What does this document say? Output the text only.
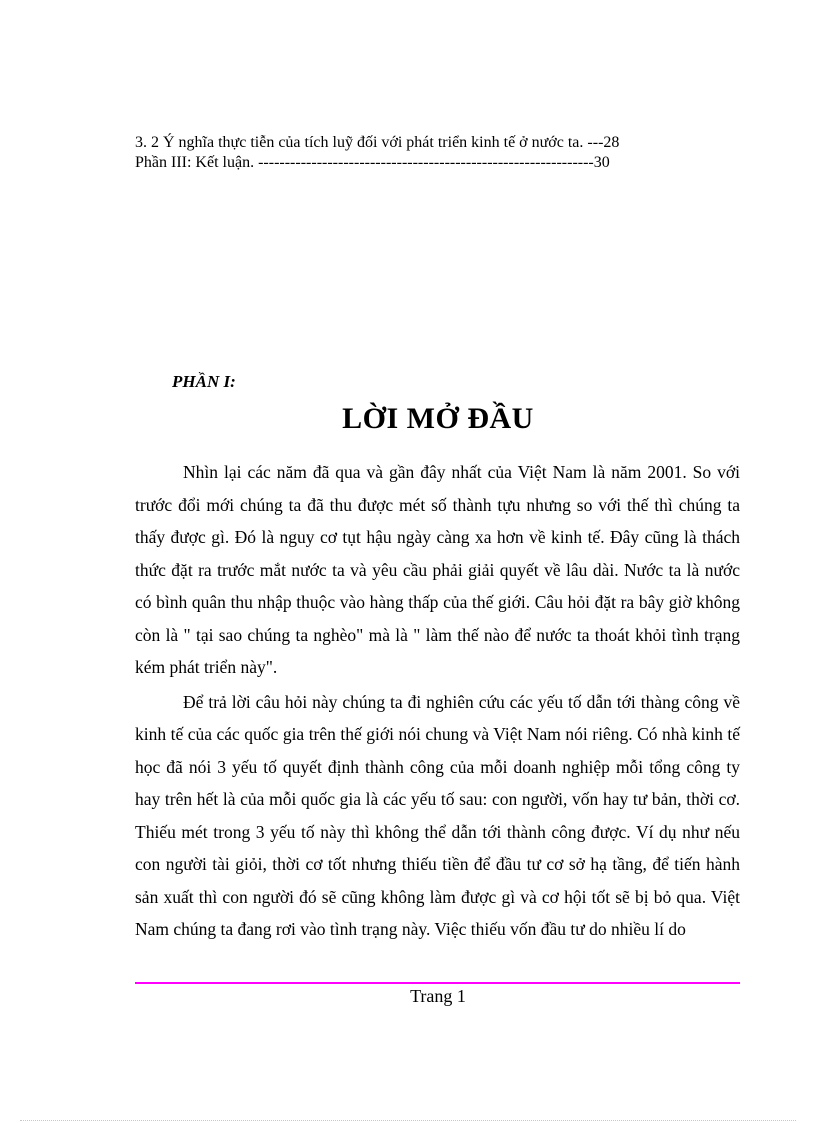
3. 2 Ý nghĩa thực tiễn của tích luỹ đối với phát triển kinh tế ở nước ta. ---28
Phần III: Kết luận. ---------------------------------------------------------------30
PHẦN I:
LỜI MỞ ĐẦU

Nhìn lại các năm đã qua và gần đây nhất của Việt Nam là năm 2001. So với trước đổi mới chúng ta đã thu được mét số thành tựu nhưng so với thế thì chúng ta thấy được gì. Đó là nguy cơ tụt hậu ngày càng xa hơn về kinh tế. Đây cũng là thách thức đặt ra trước mắt nước ta và yêu cầu phải giải quyết về lâu dài. Nước ta là nước có bình quân thu nhập thuộc vào hàng thấp của thế giới. Câu hỏi đặt ra bây giờ không còn là " tại sao chúng ta nghèo" mà là " làm thế nào để nước ta thoát khỏi tình trạng kém phát triển này".

Để trả lời câu hỏi này chúng ta đi nghiên cứu các yếu tố dẫn tới thàng công về kinh tế của các quốc gia trên thế giới nói chung và Việt Nam nói riêng. Có nhà kinh tế học đã nói 3 yếu tố quyết định thành công của mỗi doanh nghiệp mỗi tổng công ty hay trên hết là của mỗi quốc gia là các yếu tố sau: con người, vốn hay tư bản, thời cơ. Thiếu mét trong 3 yếu tố này thì không thể dẫn tới thành công được. Ví dụ như nếu con người tài giỏi, thời cơ tốt nhưng thiếu tiền để đầu tư cơ sở hạ tầng, để tiến hành sản xuất thì con người đó sẽ cũng không làm được gì và cơ hội tốt sẽ bị bỏ qua. Việt Nam chúng ta đang rơi vào tình trạng này. Việc thiếu vốn đầu tư do nhiều lí do

Trang 1
